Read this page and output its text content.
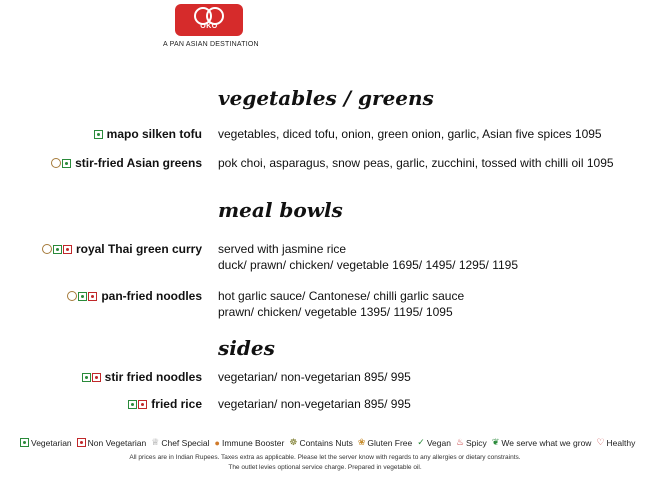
OKO
A PAN ASIAN DESTINATION
vegetables / greens
mapo silken tofu vegetables, diced tofu, onion, green onion, garlic, Asian five spices 1095
stir-fried Asian greens pok choi, asparagus, snow peas, garlic, zucchini, tossed with chilli oil 1095
meal bowls
royal Thai green curry served with jasmine rice
duck/ prawn/ chicken/ vegetable 1695/ 1495/ 1295/ 1195
pan-fried noodles hot garlic sauce/ Cantonese/ chilli garlic sauce
prawn/ chicken/ vegetable 1395/ 1195/ 1095
sides
stir fried noodles vegetarian/ non-vegetarian 895/ 995
fried rice vegetarian/ non-vegetarian 895/ 995
Vegetarian Non Vegetarian ♕ Chef Special ● Immune Booster ☸ Contains Nuts ❀ Gluten Free ✓ Vegan ♨ Spicy ❦ We serve what we grow ♡ Healthy
All prices are in Indian Rupees. Taxes extra as applicable. Please let the server know with regards to any allergies or dietary constraints.
The outlet levies optional service charge. Prepared in vegetable oil.
